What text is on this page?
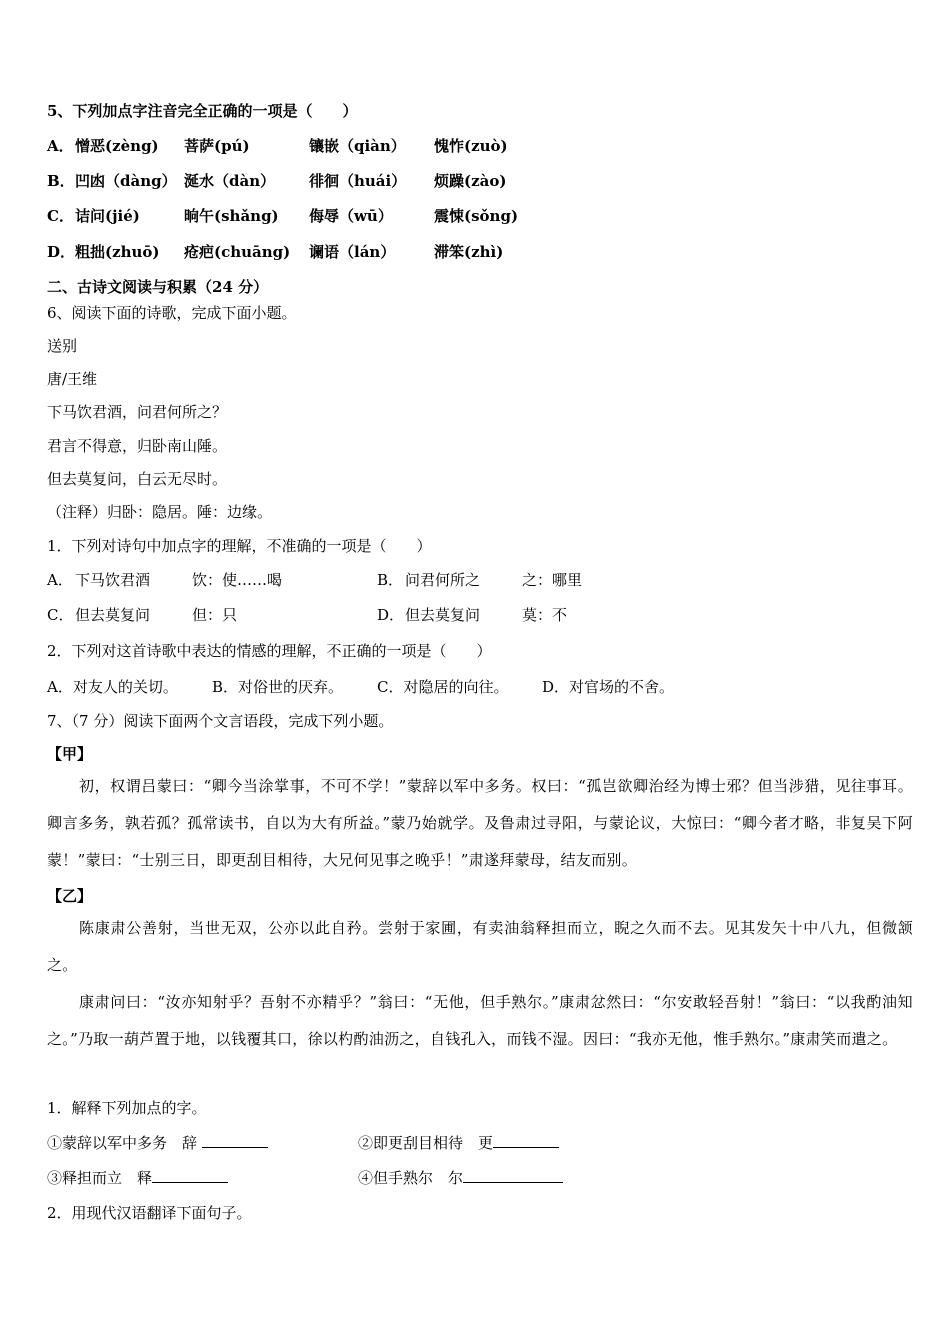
5、下列加点字注音完全正确的一项是（　　）
A． 憎恶(zèng) 菩萨(pú)	镶嵌（qiàn） 愧怍(zuò)
B． 凹凼（dàng） 涎水（dàn） 徘徊（huái） 烦躁(zào)
C． 诘问(jié)	晌午(shǎng) 侮辱（wū）	震悚(sǒng)
D． 粗拙(zhuō) 疮疤(chuāng) 谰语（lán）	滞笨(zhì)
二、古诗文阅读与积累（24 分）
6、阅读下面的诗歌，完成下面小题。
送别
唐/王维
下马饮君酒，问君何所之？
君言不得意，归卧南山陲。
但去莫复问，白云无尽时。
（注释）归卧：隐居。陲：边缘。
1．下列对诗句中加点字的理解，不准确的一项是（　　）
A． 下马饮君酒	饮：使……喝	B． 问君何所之	之：哪里
C． 但去莫复问	但：只	D． 但去莫复问	莫：不
2．下列对这首诗歌中表达的情感的理解，不正确的一项是（　　）
A．对友人的关切。 B．对俗世的厌弃。 C．对隐居的向往。 D．对官场的不舍。
7、（7 分）阅读下面两个文言语段，完成下列小题。
【甲】
初，权谓吕蒙曰：“卿今当涂掌事，不可不学！”蒙辞以军中多务。权曰：“孤岂欲卿治经为博士邪？但当涉猎，见往事耳。卿言多务，孰若孤？孤常读书，自以为大有所益。”蒙乃始就学。及鲁肃过寻阳，与蒙论议，大惊曰：“卿今者才略，非复吴下阿蒙！”蒙曰：“士别三日，即更刮目相待，大兄何见事之晚乎！”肃遂拜蒙母，结友而别。
【乙】
陈康肃公善射，当世无双，公亦以此自矜。尝射于家圃，有卖油翁释担而立，睨之久而不去。见其发矢十中八九，但微颔之。
康肃问曰：“汝亦知射乎？吾射不亦精乎？”翁曰：“无他，但手熟尔。”康肃忿然曰：“尔安敢轻吾射！”翁曰：“以我酌油知之。”乃取一葫芦置于地，以钱覆其口，徐以杓酌油沥之，自钱孔入，而钱不湿。因曰：“我亦无他，惟手熟尔。”康肃笑而遣之。
1．解释下列加点的字。
①蒙辞以军中多务　辞	②即更刮目相待　更
③释担而立　释	④但手熟尔　尔
2．用现代汉语翻译下面句子。
